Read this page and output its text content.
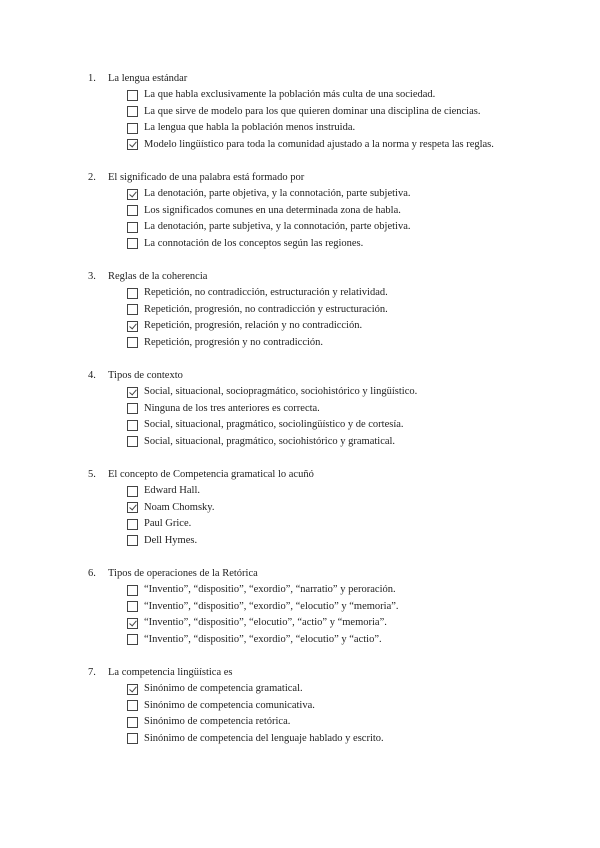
1.	La lengua estándar
La que habla exclusivamente la población más culta de una sociedad.
La que sirve de modelo para los que quieren dominar una disciplina de ciencias.
La lengua que habla la población menos instruida.
Modelo lingüístico para toda la comunidad ajustado a la norma y respeta las reglas.
2.	El significado de una palabra está formado por
La denotación, parte objetiva, y la connotación, parte subjetiva.
Los significados comunes en una determinada zona de habla.
La denotación, parte subjetiva, y la connotación, parte objetiva.
La connotación de los conceptos según las regiones.
3.	Reglas de la coherencia
Repetición, no contradicción, estructuración y relatividad.
Repetición, progresión, no contradicción y estructuración.
Repetición, progresión, relación y no contradicción.
Repetición, progresión y no contradicción.
4.	Tipos de contexto
Social, situacional, sociopragmático, sociohistórico y lingüístico.
Ninguna de los tres anteriores es correcta.
Social, situacional, pragmático, sociolingüístico y de cortesía.
Social, situacional, pragmático, sociohistórico y gramatical.
5.	El concepto de Competencia gramatical lo acuñó
Edward Hall.
Noam Chomsky.
Paul Grice.
Dell Hymes.
6.	Tipos de operaciones de la Retórica
“Inventio”, “dispositio”, “exordio”, “narratio” y peroración.
“Inventio”, “dispositio”, “exordio”, “elocutio” y “memoria”.
“Inventio”, “dispositio”, “elocutio”, “actio” y “memoria”.
“Inventio”, “dispositio”, “exordio”, “elocutio” y “actio”.
7.	La competencia lingüística es
Sinónimo de competencia gramatical.
Sinónimo de competencia comunicativa.
Sinónimo de competencia retórica.
Sinónimo de competencia del lenguaje hablado y escrito.
